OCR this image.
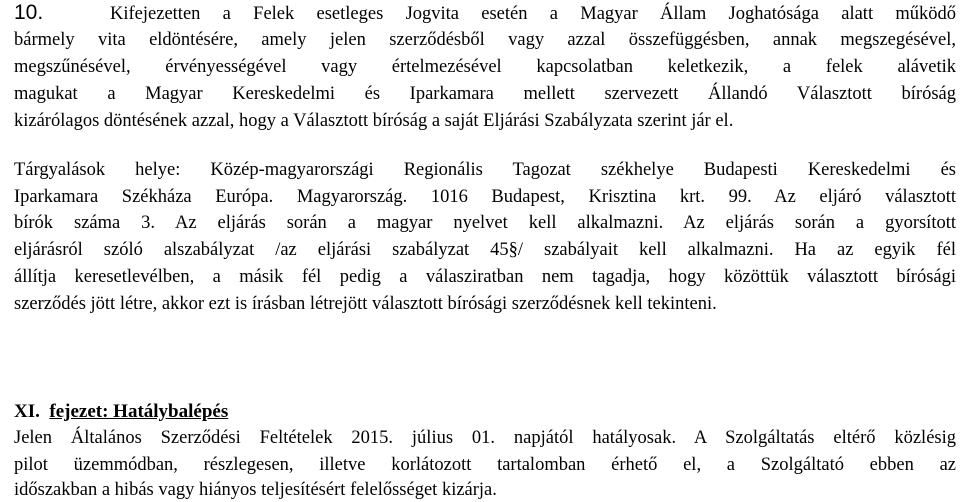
10.	Kifejezetten a Felek esetleges Jogvita esetén a Magyar Állam Joghatósága alatt működő
bármely vita eldöntésére, amely jelen szerződésből vagy azzal összefüggésben, annak megszegésével,
megszűnésével, érvényességével vagy értelmezésével kapcsolatban keletkezik, a felek alávetik
magukat a Magyar Kereskedelmi és Iparkamara mellett szervezett Állandó Választott bíróság
kizárólagos döntésének azzal, hogy a Választott bíróság a saját Eljárási Szabályzata szerint jár el.
Tárgyalások helye: Közép-magyarországi Regionális Tagozat székhelye Budapesti Kereskedelmi és
Iparkamara Székháza Európa. Magyarország. 1016 Budapest, Krisztina krt. 99. Az eljáró választott
bírók száma 3. Az eljárás során a magyar nyelvet kell alkalmazni. Az eljárás során a gyorsított
eljárásról szóló alszabályzat /az eljárási szabályzat 45§/ szabályait kell alkalmazni. Ha az egyik fél
állítja keresetlevélben, a másik fél pedig a válasziratban nem tagadja, hogy közöttük választott bírósági
szerződés jött létre, akkor ezt is írásban létrejött választott bírósági szerződésnek kell tekinteni.
XI. fejezet: Hatálybalépés
Jelen Általános Szerződési Feltételek 2015. július 01. napjától hatályosak. A Szolgáltatás eltérő közlésig
pilot üzemmódban, részlegesen, illetve korlátozott tartalomban érhető el, a Szolgáltató ebben az
időszakban a hibás vagy hiányos teljesítésért felelősséget kizárja.
